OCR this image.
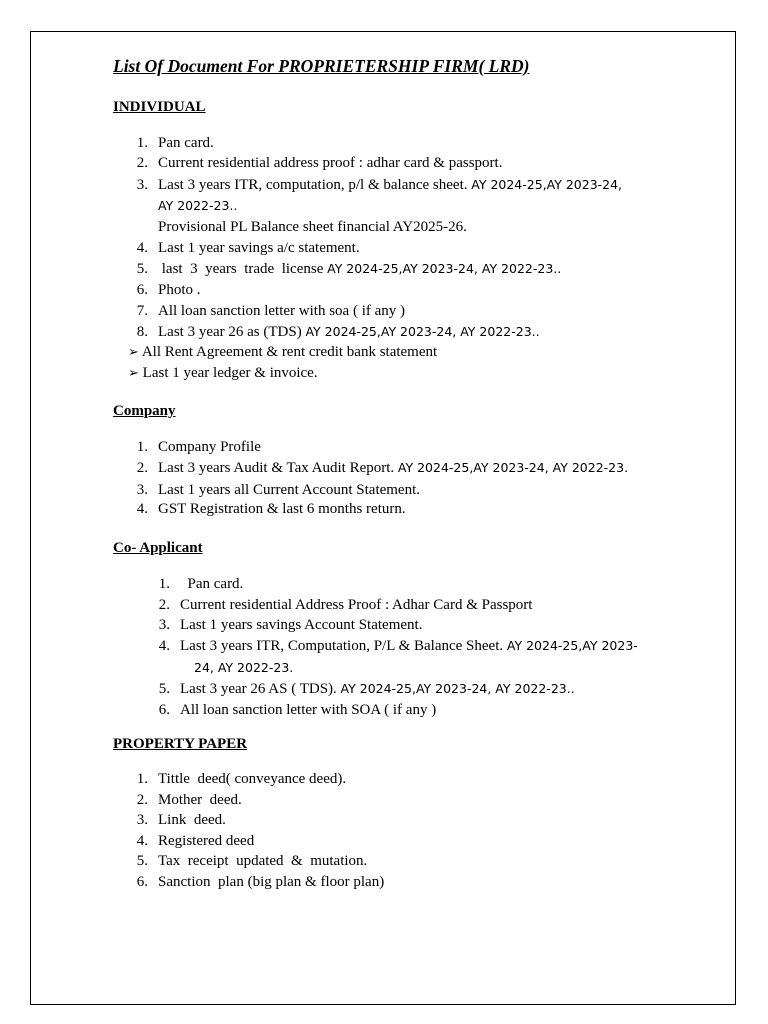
List Of Document For PROPRIETERSHIP FIRM( LRD)
INDIVIDUAL
1. Pan card.
2. Current residential address proof : adhar card & passport.
3. Last 3 years ITR, computation, p/l & balance sheet. AY 2024-25,AY 2023-24,
AY 2022-23..
Provisional PL Balance sheet financial AY2025-26.
4. Last 1 year savings a/c statement.
5. last  3  years  trade  license AY 2024-25,AY 2023-24, AY 2022-23..
6. Photo .
7. All loan sanction letter with soa ( if any )
8. Last 3 year 26 as (TDS) AY 2024-25,AY 2023-24, AY 2022-23..
➢ All Rent Agreement & rent credit bank statement
➢ Last 1 year ledger & invoice.
Company
1. Company Profile
2. Last 3 years Audit & Tax Audit Report. AY 2024-25,AY 2023-24, AY 2022-23.
3. Last 1 years all Current Account Statement.
4. GST Registration & last 6 months return.
Co- Applicant
1. Pan card.
2. Current residential Address Proof : Adhar Card & Passport
3. Last 1 years savings Account Statement.
4. Last 3 years ITR, Computation, P/L & Balance Sheet. AY 2024-25,AY 2023-
24, AY 2022-23.
5. Last 3 year 26 AS ( TDS). AY 2024-25,AY 2023-24, AY 2022-23..
6. All loan sanction letter with SOA ( if any )
PROPERTY PAPER
1. Tittle  deed( conveyance deed).
2. Mother  deed.
3. Link  deed.
4. Registered deed
5. Tax  receipt  updated  &  mutation.
6. Sanction  plan (big plan & floor plan)
